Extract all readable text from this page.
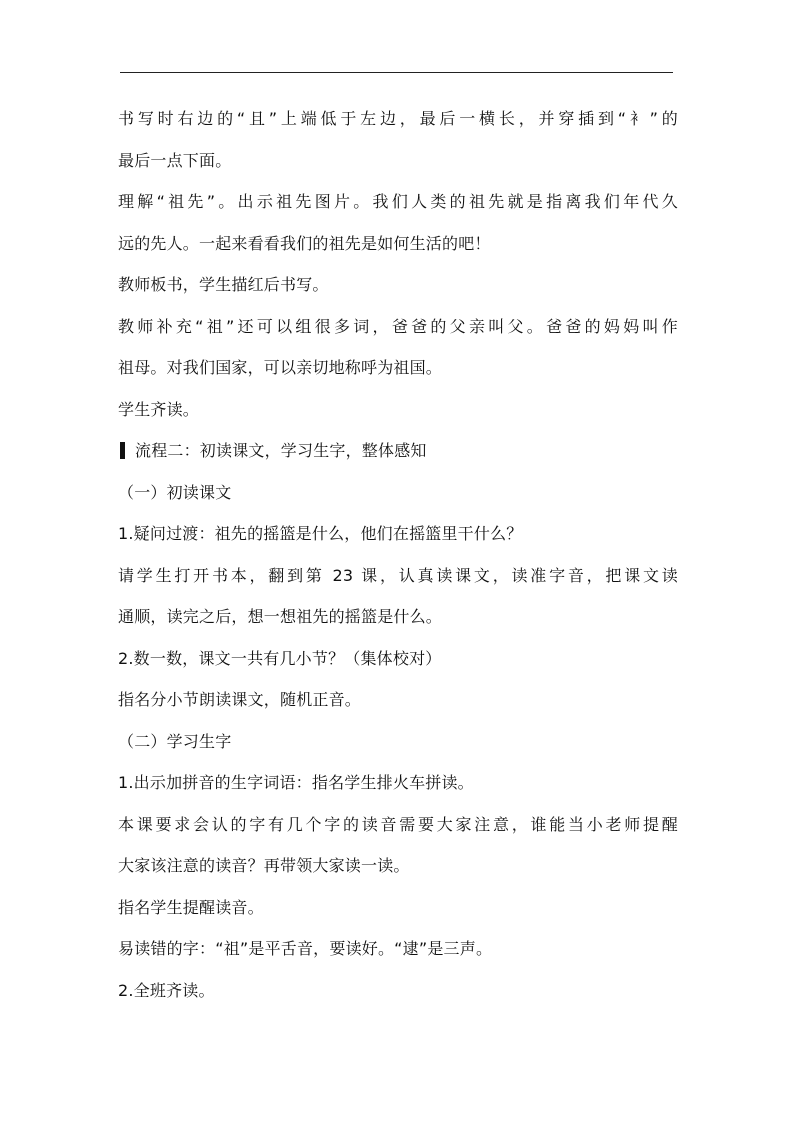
书写时右边的“且”上端低于左边，最后一横长，并穿插到“衤”的
最后一点下面。
理解“祖先”。出示祖先图片。我们人类的祖先就是指离我们年代久
远的先人。一起来看看我们的祖先是如何生活的吧！
教师板书，学生描红后书写。
教师补充“祖”还可以组很多词，爸爸的父亲叫父。爸爸的妈妈叫作
祖母。对我们国家，可以亲切地称呼为祖国。
学生齐读。
流程二：初读课文，学习生字，整体感知
（一）初读课文
1.疑问过渡：祖先的摇篮是什么，他们在摇篮里干什么？
请学生打开书本，翻到第 23 课，认真读课文，读准字音，把课文读
通顺，读完之后，想一想祖先的摇篮是什么。
2.数一数，课文一共有几小节？（集体校对）
指名分小节朗读课文，随机正音。
（二）学习生字
1.出示加拼音的生字词语：指名学生排火车拼读。
本课要求会认的字有几个字的读音需要大家注意，谁能当小老师提醒
大家该注意的读音？再带领大家读一读。
指名学生提醒读音。
易读错的字：“祖”是平舌音，要读好。“逮”是三声。
2.全班齐读。
